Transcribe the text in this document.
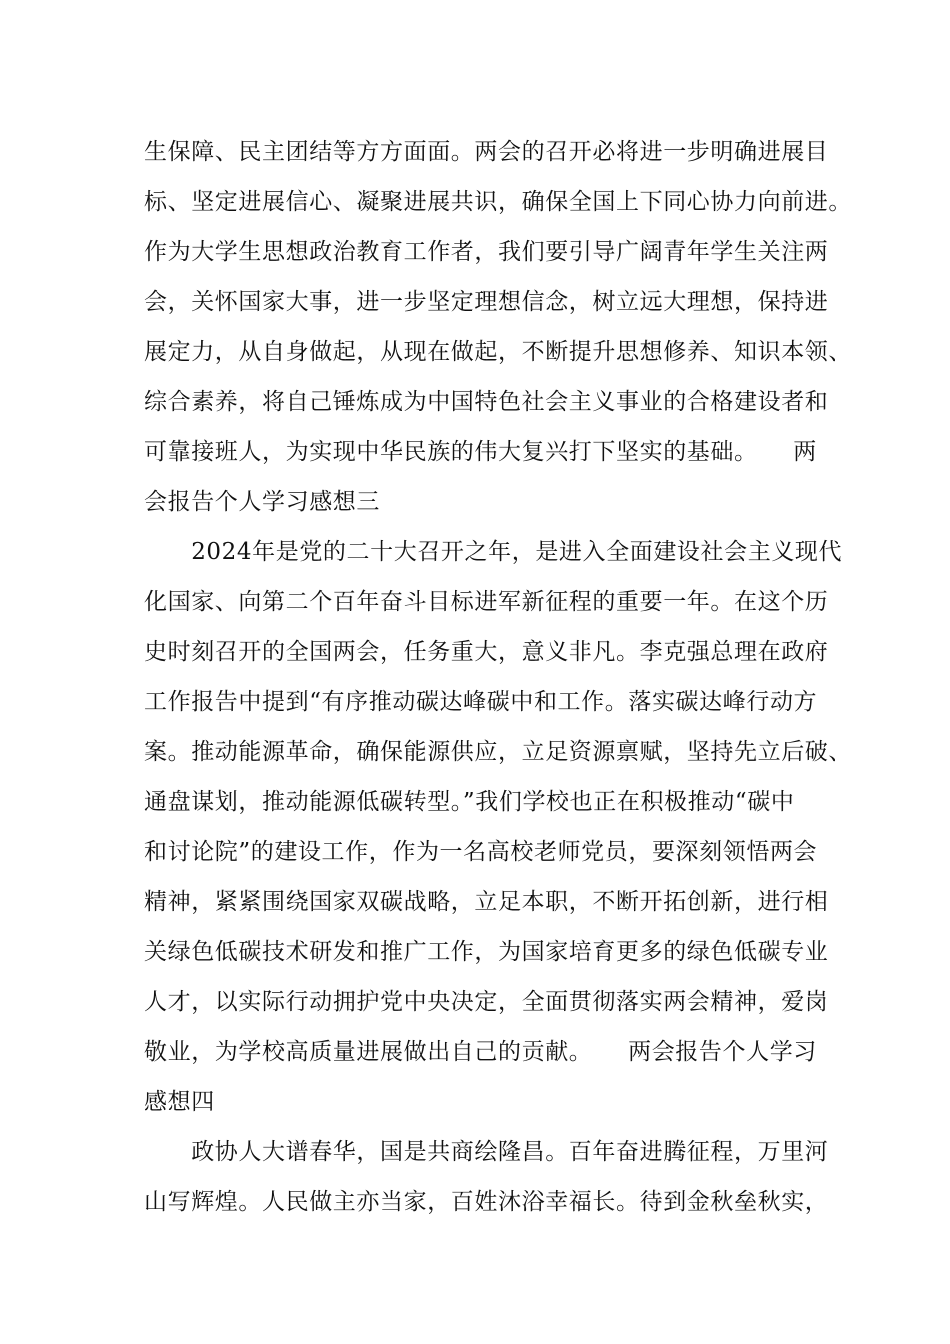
生保障、民主团结等方方面面。两会的召开必将进一步明确进展目
标、坚定进展信心、凝聚进展共识，确保全国上下同心协力向前进。
作为大学生思想政治教育工作者，我们要引导广阔青年学生关注两
会，关怀国家大事，进一步坚定理想信念，树立远大理想，保持进
展定力，从自身做起，从现在做起，不断提升思想修养、知识本领、
综合素养，将自己锤炼成为中国特色社会主义事业的合格建设者和
可靠接班人，为实现中华民族的伟大复兴打下坚实的基础。　　两
会报告个人学习感想三
　　2024年是党的二十大召开之年，是进入全面建设社会主义现代
化国家、向第二个百年奋斗目标进军新征程的重要一年。在这个历
史时刻召开的全国两会，任务重大，意义非凡。李克强总理在政府
工作报告中提到“有序推动碳达峰碳中和工作。落实碳达峰行动方
案。推动能源革命，确保能源供应，立足资源禀赋，坚持先立后破、
通盘谋划，推动能源低碳转型。”我们学校也正在积极推动“碳中
和讨论院”的建设工作，作为一名高校老师党员，要深刻领悟两会
精神，紧紧围绕国家双碳战略，立足本职，不断开拓创新，进行相
关绿色低碳技术研发和推广工作，为国家培育更多的绿色低碳专业
人才，以实际行动拥护党中央决定，全面贯彻落实两会精神，爱岗
敬业，为学校高质量进展做出自己的贡献。　　两会报告个人学习
感想四
　　政协人大谱春华，国是共商绘隆昌。百年奋进腾征程，万里河
山写辉煌。人民做主亦当家，百姓沐浴幸福长。待到金秋垒秋实，
